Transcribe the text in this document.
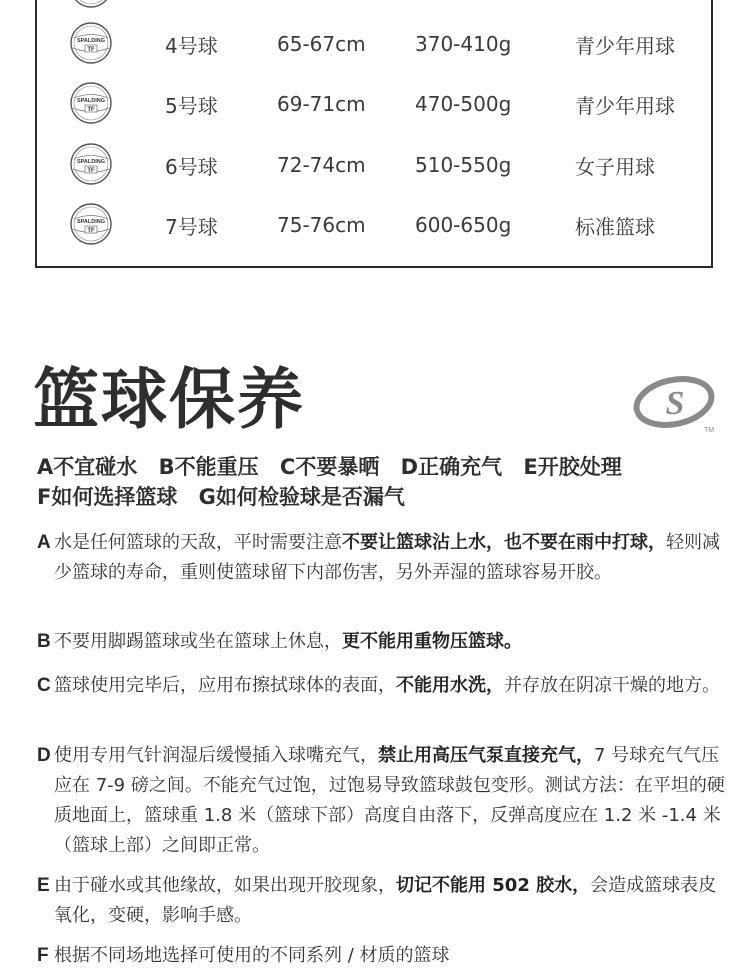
4号球	65-67cm 370-410g	青少年用球
5号球	69-71cm 470-500g	青少年用球
6号球	72-74cm 510-550g	女子用球
7号球	75-76cm 600-650g	标准篮球
篮球保养	S
TM
A不宜碰水 B不能重压 C不要暴晒 D正确充气 E开胶处理
F如何选择篮球 G如何检验球是否漏气
A 水是任何篮球的天敌，平时需要注意不要让篮球沾上水，也不要在雨中打球，轻则减少篮球的寿命，重则使篮球留下内部伤害，另外弄湿的篮球容易开胶。
B 不要用脚踢篮球或坐在篮球上休息，更不能用重物压篮球。
C 篮球使用完毕后，应用布擦拭球体的表面，不能用水洗，并存放在阴凉干燥的地方。
D 使用专用气针润湿后缓慢插入球嘴充气，禁止用高压气泵直接充气，7 号球充气气压应在 7-9 磅之间。不能充气过饱，过饱易导致篮球鼓包变形。测试方法：在平坦的硬质地面上，篮球重 1.8 米（篮球下部）高度自由落下，反弹高度应在 1.2 米 -1.4 米（篮球上部）之间即正常。
E 由于碰水或其他缘故，如果出现开胶现象，切记不能用 502 胶水，会造成篮球表皮氧化，变硬，影响手感。
F 根据不同场地选择可使用的不同系列 / 材质的篮球
